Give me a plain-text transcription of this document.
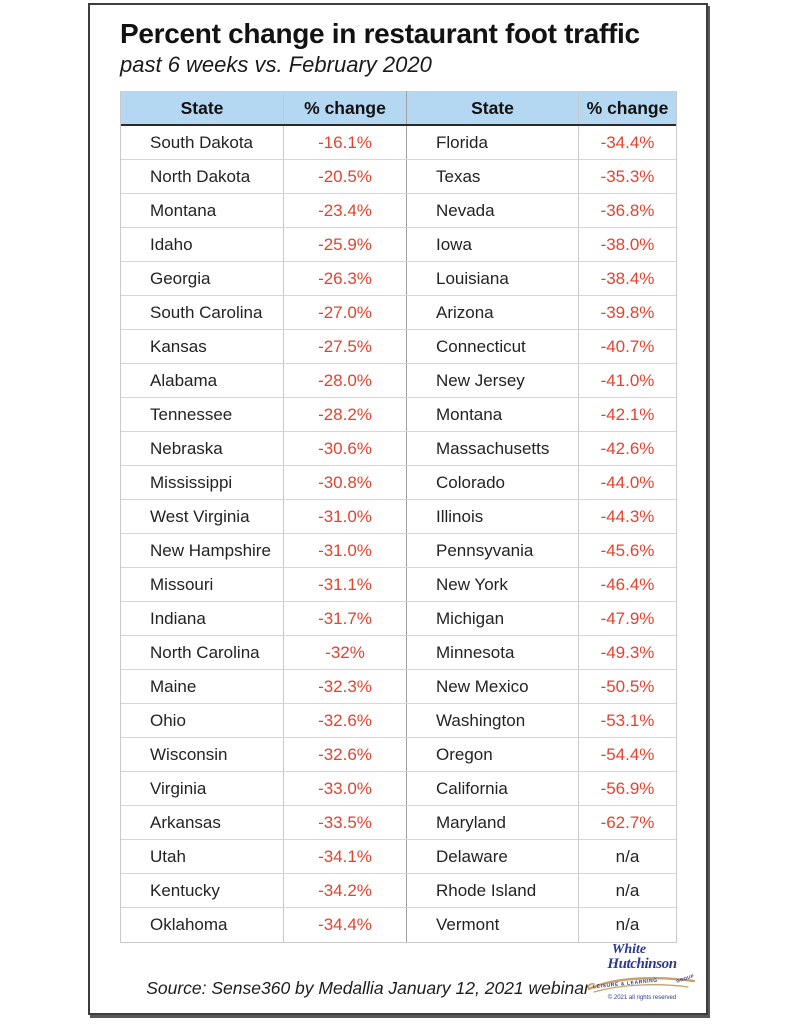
Percent change in restaurant foot traffic
past 6 weeks vs. February 2020
State	% change	State	% change
South Dakota	-16.1%	Florida	-34.4%
North Dakota	-20.5%	Texas	-35.3%
Montana	-23.4%	Nevada	-36.8%
Idaho	-25.9%	Iowa	-38.0%
Georgia	-26.3%	Louisiana	-38.4%
South Carolina	-27.0%	Arizona	-39.8%
Kansas	-27.5%	Connecticut	-40.7%
Alabama	-28.0%	New Jersey	-41.0%
Tennessee	-28.2%	Montana	-42.1%
Nebraska	-30.6%	Massachusetts	-42.6%
Mississippi	-30.8%	Colorado	-44.0%
West Virginia	-31.0%	Illinois	-44.3%
New Hampshire	-31.0%	Pennsyvania	-45.6%
Missouri	-31.1%	New York	-46.4%
Indiana	-31.7%	Michigan	-47.9%
North Carolina	-32%	Minnesota	-49.3%
Maine	-32.3%	New Mexico	-50.5%
Ohio	-32.6%	Washington	-53.1%
Wisconsin	-32.6%	Oregon	-54.4%
Virginia	-33.0%	California	-56.9%
Arkansas	-33.5%	Maryland	-62.7%
Utah	-34.1%	Delaware	n/a
Kentucky	-34.2%	Rhode Island	n/a
Oklahoma	-34.4%	Vermont	n/a
Source: Sense360 by Medallia January 12, 2021 webinar
White
Hutchinson
LEISURE & LEARNING	GROUP
© 2021 all rights reserved
